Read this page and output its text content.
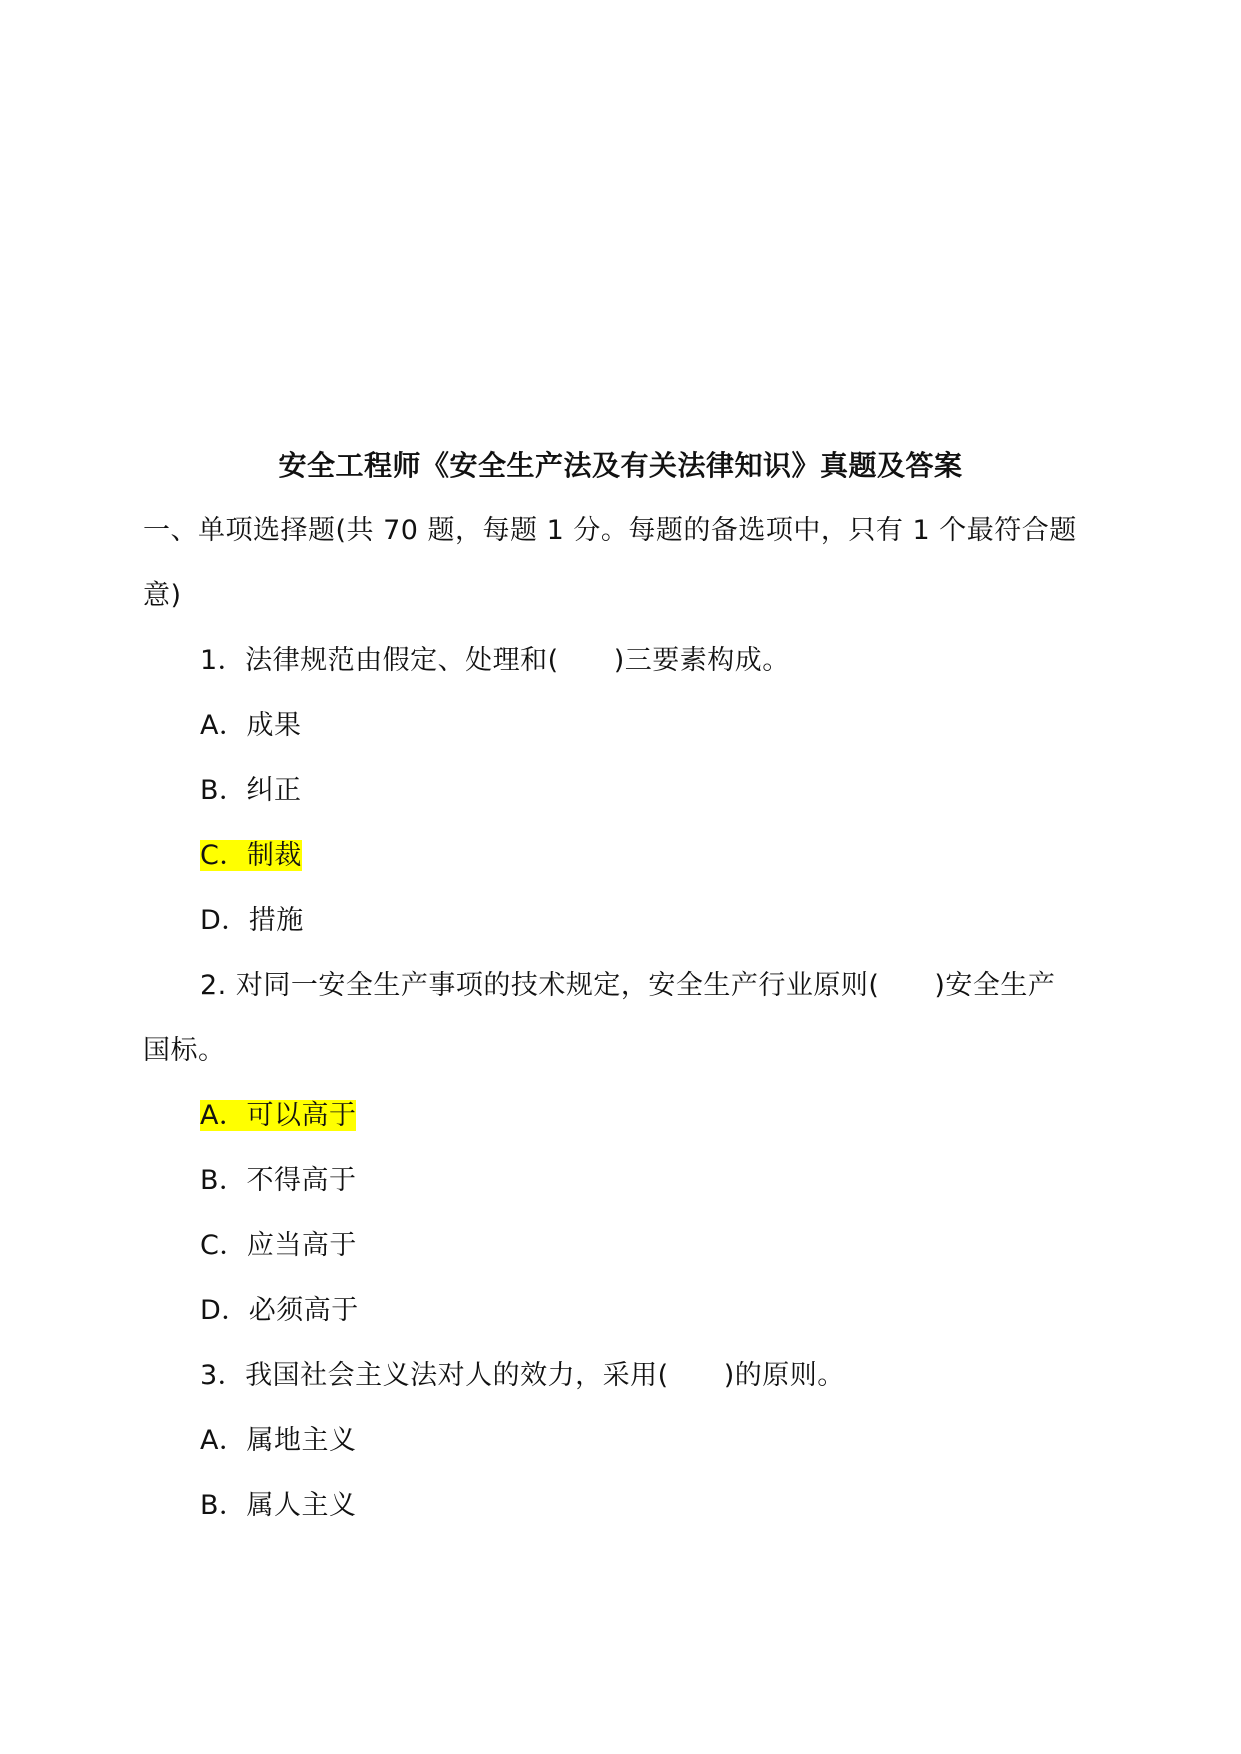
安全工程师《安全生产法及有关法律知识》真题及答案
一、单项选择题(共 70 题，每题 1 分。每题的备选项中，只有 1 个最符合题
意)
1．法律规范由假定、处理和(　　)三要素构成。
A．成果
B．纠正
C．制裁
D．措施
2. 对同一安全生产事项的技术规定，安全生产行业原则(　　)安全生产
国标。
A．可以高于
B．不得高于
C．应当高于
D．必须高于
3．我国社会主义法对人的效力，采用(　　)的原则。
A．属地主义
B．属人主义
